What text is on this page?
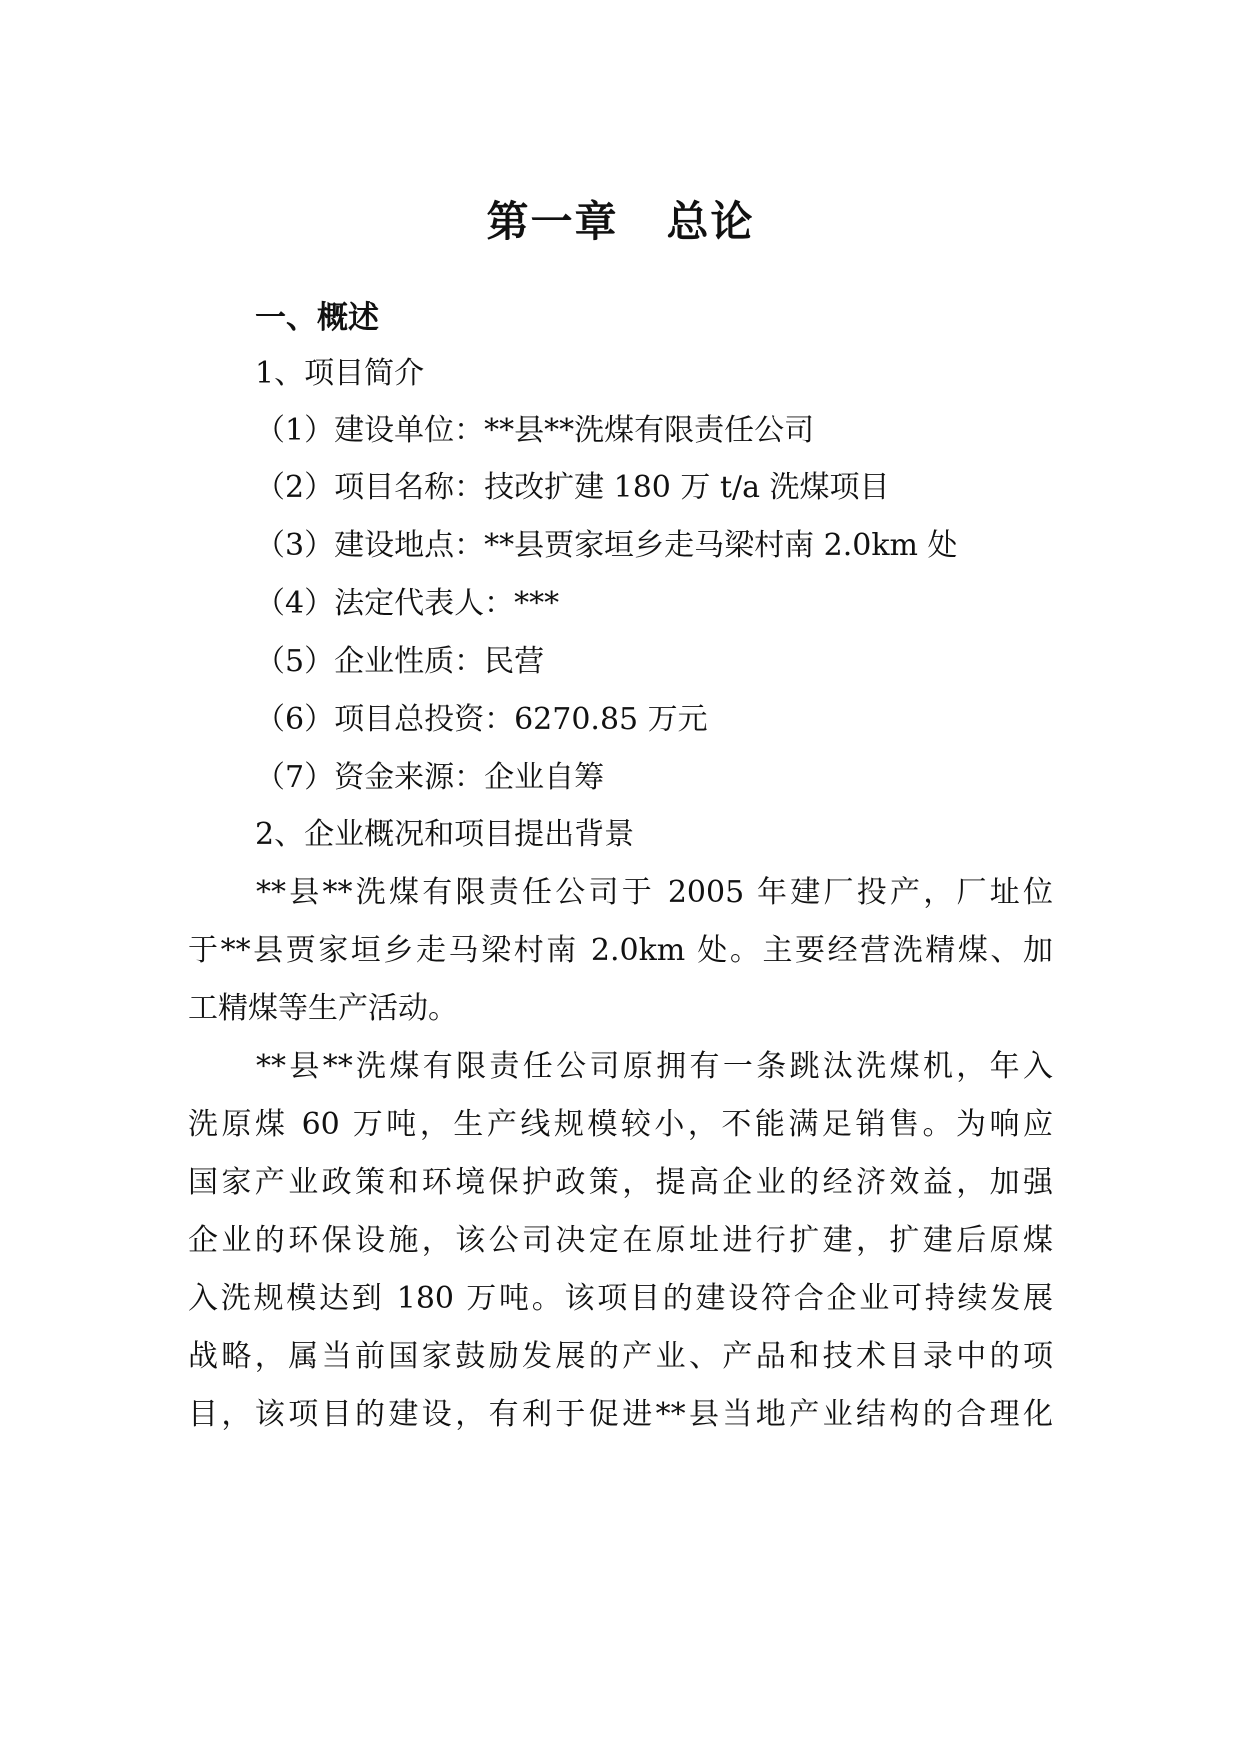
第一章 总论
一、概述
1、项目简介
（1）建设单位：**县**洗煤有限责任公司
（2）项目名称：技改扩建 180 万 t/a 洗煤项目
（3）建设地点：**县贾家垣乡走马梁村南 2.0km 处
（4）法定代表人：***
（5）企业性质：民营
（6）项目总投资：6270.85 万元
（7）资金来源：企业自筹
2、企业概况和项目提出背景
**县**洗煤有限责任公司于 2005 年建厂投产，厂址位
于**县贾家垣乡走马梁村南 2.0km 处。主要经营洗精煤、加
工精煤等生产活动。
**县**洗煤有限责任公司原拥有一条跳汰洗煤机，年入
洗原煤 60 万吨，生产线规模较小，不能满足销售。为响应
国家产业政策和环境保护政策，提高企业的经济效益，加强
企业的环保设施，该公司决定在原址进行扩建，扩建后原煤
入洗规模达到 180 万吨。该项目的建设符合企业可持续发展
战略，属当前国家鼓励发展的产业、产品和技术目录中的项
目，该项目的建设，有利于促进**县当地产业结构的合理化
